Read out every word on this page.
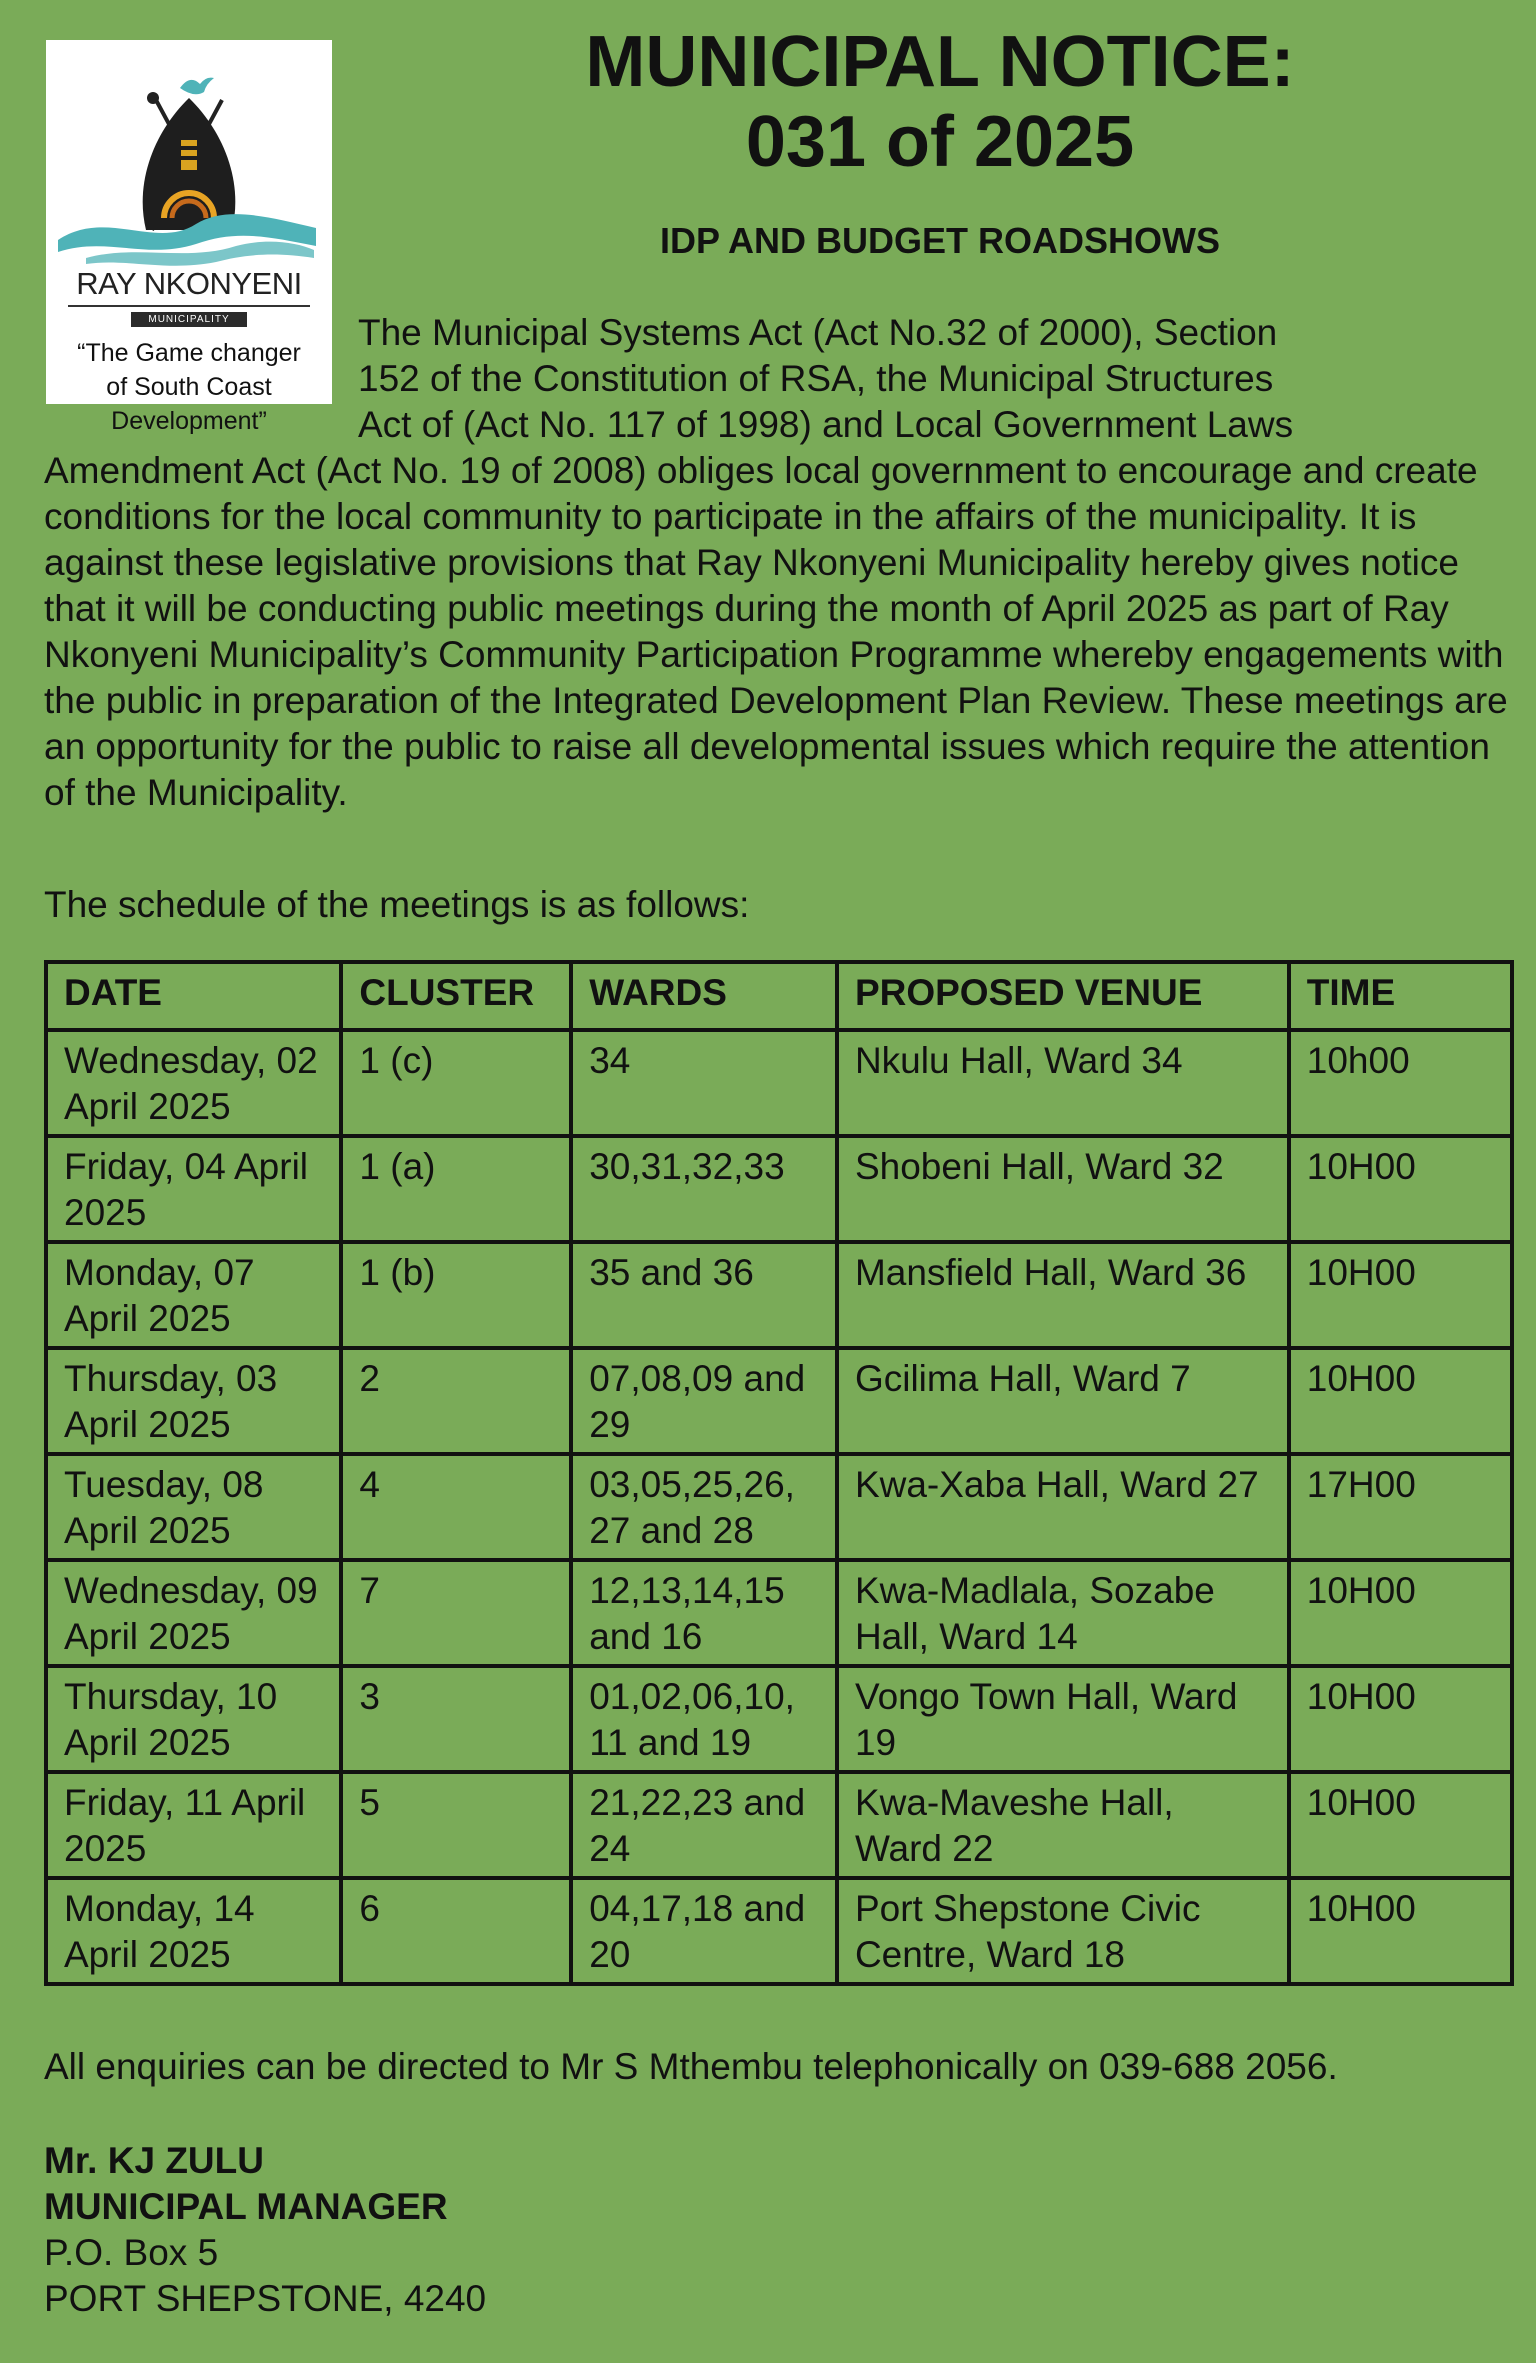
RAY NKONYENI
MUNICIPALITY
“The Game changer
of South Coast
Development”
MUNICIPAL NOTICE:
031 of 2025
IDP AND BUDGET ROADSHOWS
The Municipal Systems Act (Act No.32 of 2000), Section
152 of the Constitution of RSA, the Municipal Structures
Act of (Act No. 117 of 1998) and Local Government Laws
Amendment Act (Act No. 19 of 2008) obliges local government to encourage and create conditions for the local community to participate in the affairs of the municipality. It is against these legislative provisions that Ray Nkonyeni Municipality hereby gives notice that it will be conducting public meetings during the month of April 2025 as part of Ray Nkonyeni Municipality’s Community Participation Programme whereby engagements with the public in preparation of the Integrated Development Plan Review. These meetings are an opportunity for the public to raise all developmental issues which require the attention of the Municipality.
The schedule of the meetings is as follows:
DATE	CLUSTER	WARDS	PROPOSED VENUE	TIME
Wednesday, 02 April 2025	1 (c)	34	Nkulu Hall, Ward 34	10h00
Friday, 04 April 2025	1 (a)	30,31,32,33	Shobeni Hall, Ward 32	10H00
Monday, 07 April 2025	1 (b)	35 and 36	Mansfield Hall, Ward 36	10H00
Thursday, 03 April 2025	2	07,08,09 and 29	Gcilima Hall, Ward 7	10H00
Tuesday, 08 April 2025	4	03,05,25,26, 27 and 28	Kwa-Xaba Hall, Ward 27	17H00
Wednesday, 09 April 2025	7	12,13,14,15 and 16	Kwa-Madlala, Sozabe Hall, Ward 14	10H00
Thursday, 10 April 2025	3	01,02,06,10, 11 and 19	Vongo Town Hall, Ward 19	10H00
Friday, 11 April 2025	5	21,22,23 and 24	Kwa-Maveshe Hall, Ward 22	10H00
Monday, 14 April 2025	6	04,17,18 and 20	Port Shepstone Civic Centre, Ward 18	10H00
All enquiries can be directed to Mr S Mthembu telephonically on 039-688 2056.
Mr. KJ ZULU
MUNICIPAL MANAGER
P.O. Box 5
PORT SHEPSTONE, 4240
